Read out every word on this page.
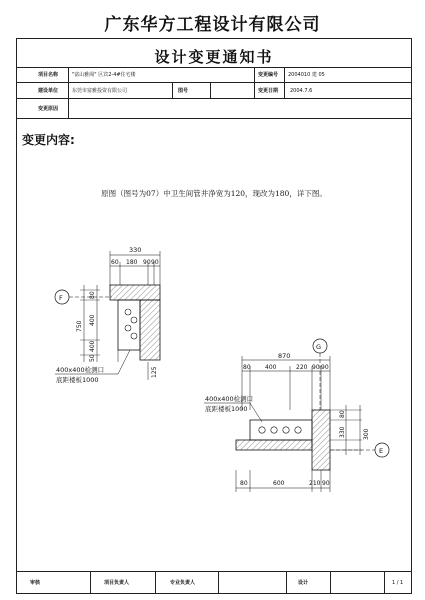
广东华方工程设计有限公司
设计变更通知书
项目名称	"富山雅阁" 区宾2-4#住宅楼	变更编号 2004010 建 05
建设单位	东莞市富雅投资有限公司	图号	变更日期 2004.7.6
变更原因
变更内容:
原图（图号为07）中卫生间管井净宽为120，现改为180，详下图。
330
60 180 90 90
F	80
400
750
400
50
125
400x400检测口
底距楼板1000
G
870
80 400	220 90 90
80
330	300
E
80	600	210 90
400x400检测口
底距楼板1000
审核	项目负责人	专业负责人	设计	1 / 1
